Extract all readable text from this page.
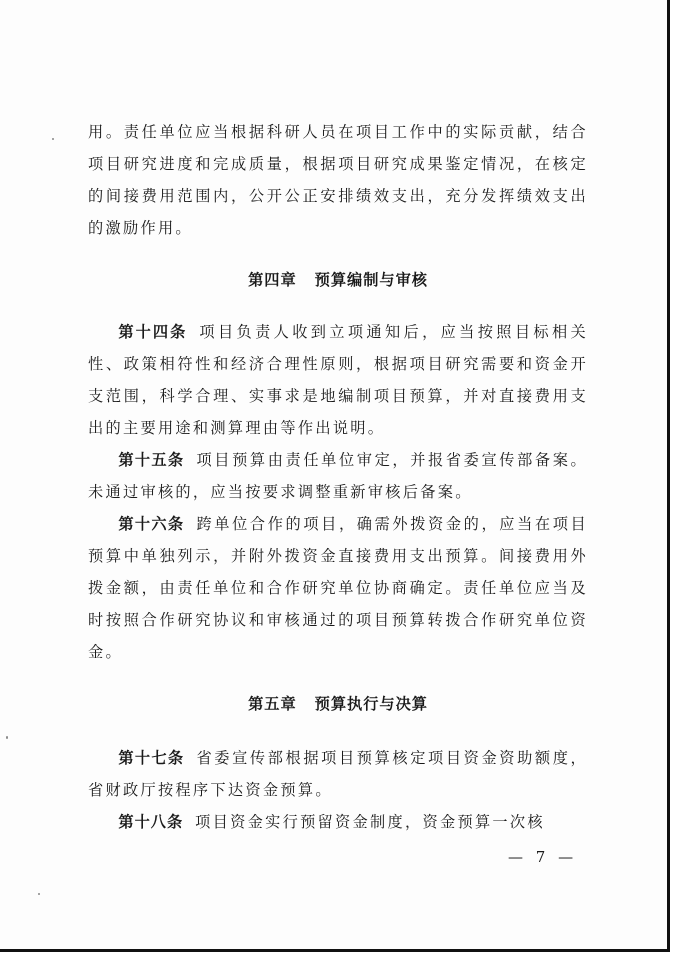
用。责任单位应当根据科研人员在项目工作中的实际贡献，结合项目研究进度和完成质量，根据项目研究成果鉴定情况，在核定的间接费用范围内，公开公正安排绩效支出，充分发挥绩效支出的激励作用。

第四章 预算编制与审核

第十四条 项目负责人收到立项通知后，应当按照目标相关性、政策相符性和经济合理性原则，根据项目研究需要和资金开支范围，科学合理、实事求是地编制项目预算，并对直接费用支出的主要用途和测算理由等作出说明。

第十五条 项目预算由责任单位审定，并报省委宣传部备案。未通过审核的，应当按要求调整重新审核后备案。

第十六条 跨单位合作的项目，确需外拨资金的，应当在项目预算中单独列示，并附外拨资金直接费用支出预算。间接费用外拨金额，由责任单位和合作研究单位协商确定。责任单位应当及时按照合作研究协议和审核通过的项目预算转拨合作研究单位资金。

第五章 预算执行与决算

第十七条 省委宣传部根据项目预算核定项目资金资助额度，省财政厅按程序下达资金预算。

第十八条 项目资金实行预留资金制度，资金预算一次核

— 7 —
